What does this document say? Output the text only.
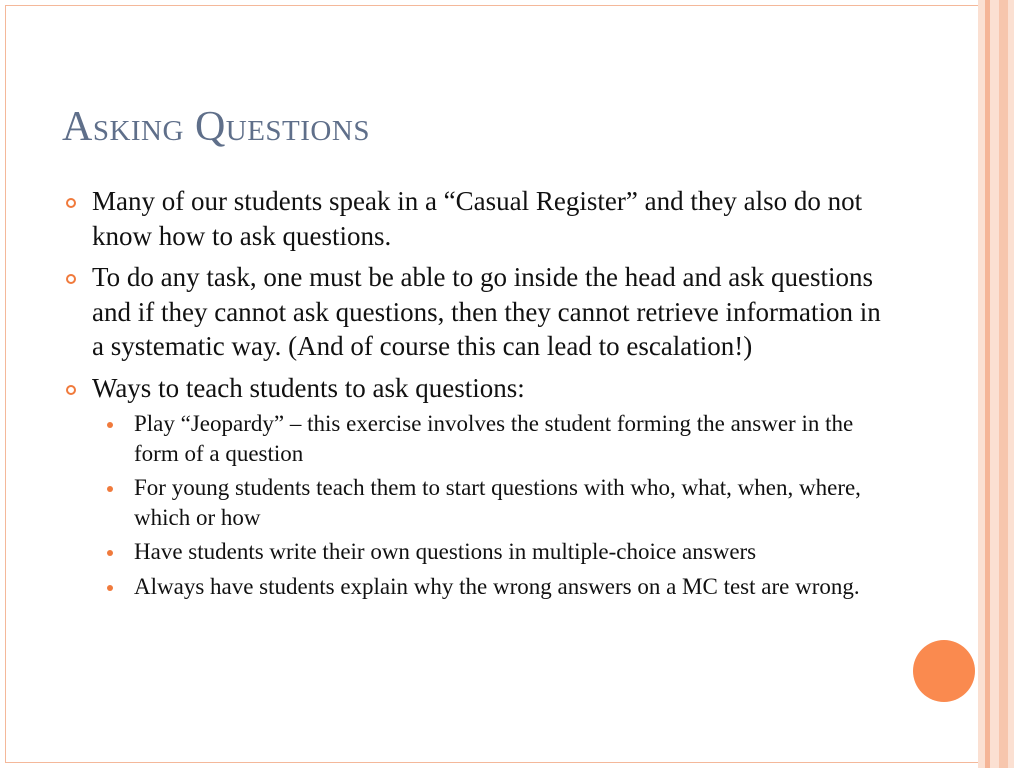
Asking Questions
Many of our students speak in a “Casual Register” and they also do not know how to ask questions.
To do any task, one must be able to go inside the head and ask questions and if they cannot ask questions, then they cannot retrieve information in a systematic way. (And of course this can lead to escalation!)
Ways to teach students to ask questions:
Play “Jeopardy” – this exercise involves the student forming the answer in the form of a question
For young students teach them to start questions with who, what, when, where, which or how
Have students write their own questions in multiple-choice answers
Always have students explain why the wrong answers on a MC test are wrong.
